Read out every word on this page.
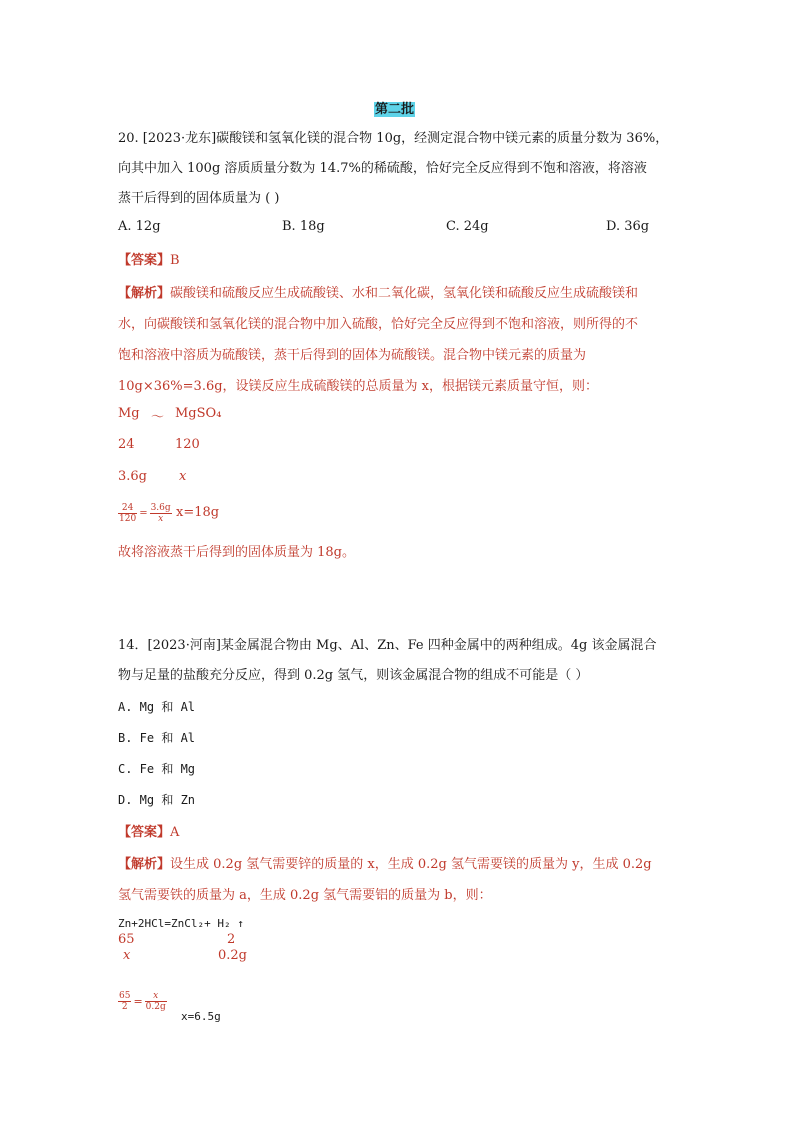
第二批
20. [2023·龙东]碳酸镁和氢氧化镁的混合物 10g，经测定混合物中镁元素的质量分数为 36%，
向其中加入 100g 溶质质量分数为 14.7%的稀硫酸，恰好完全反应得到不饱和溶液，将溶液
蒸干后得到的固体质量为 ( )
A. 12g	B. 18g	C. 24g	D. 36g
【答案】B
【解析】碳酸镁和硫酸反应生成硫酸镁、水和二氧化碳，氢氧化镁和硫酸反应生成硫酸镁和
水，向碳酸镁和氢氧化镁的混合物中加入硫酸，恰好完全反应得到不饱和溶液，则所得的不
饱和溶液中溶质为硫酸镁，蒸干后得到的固体为硫酸镁。混合物中镁元素的质量为
10g×36%=3.6g，设镁反应生成硫酸镁的总质量为 x，根据镁元素质量守恒，则：
Mg ～ MgSO₄
24	120
3.6g x
$\frac{24}{120} = \frac{3.6g}{x} x=18g$
故将溶液蒸干后得到的固体质量为 18g。
14．[2023·河南]某金属混合物由 Mg、Al、Zn、Fe 四种金属中的两种组成。4g 该金属混合
物与足量的盐酸充分反应，得到 0.2g 氢气，则该金属混合物的组成不可能是（ ）
A. Mg 和 Al
B. Fe 和 Al
C. Fe 和 Mg
D. Mg 和 Zn
【答案】A
【解析】设生成 0.2g 氢气需要锌的质量的 x，生成 0.2g 氢气需要镁的质量为 y，生成 0.2g
氢气需要铁的质量为 a，生成 0.2g 氢气需要铝的质量为 b，则：
Zn+2HCl=ZnCl₂+ H₂ ↑
65	2
x	0.2g
$\frac{65}{2} = \frac{x}{0.2g}$
x=6.5g
